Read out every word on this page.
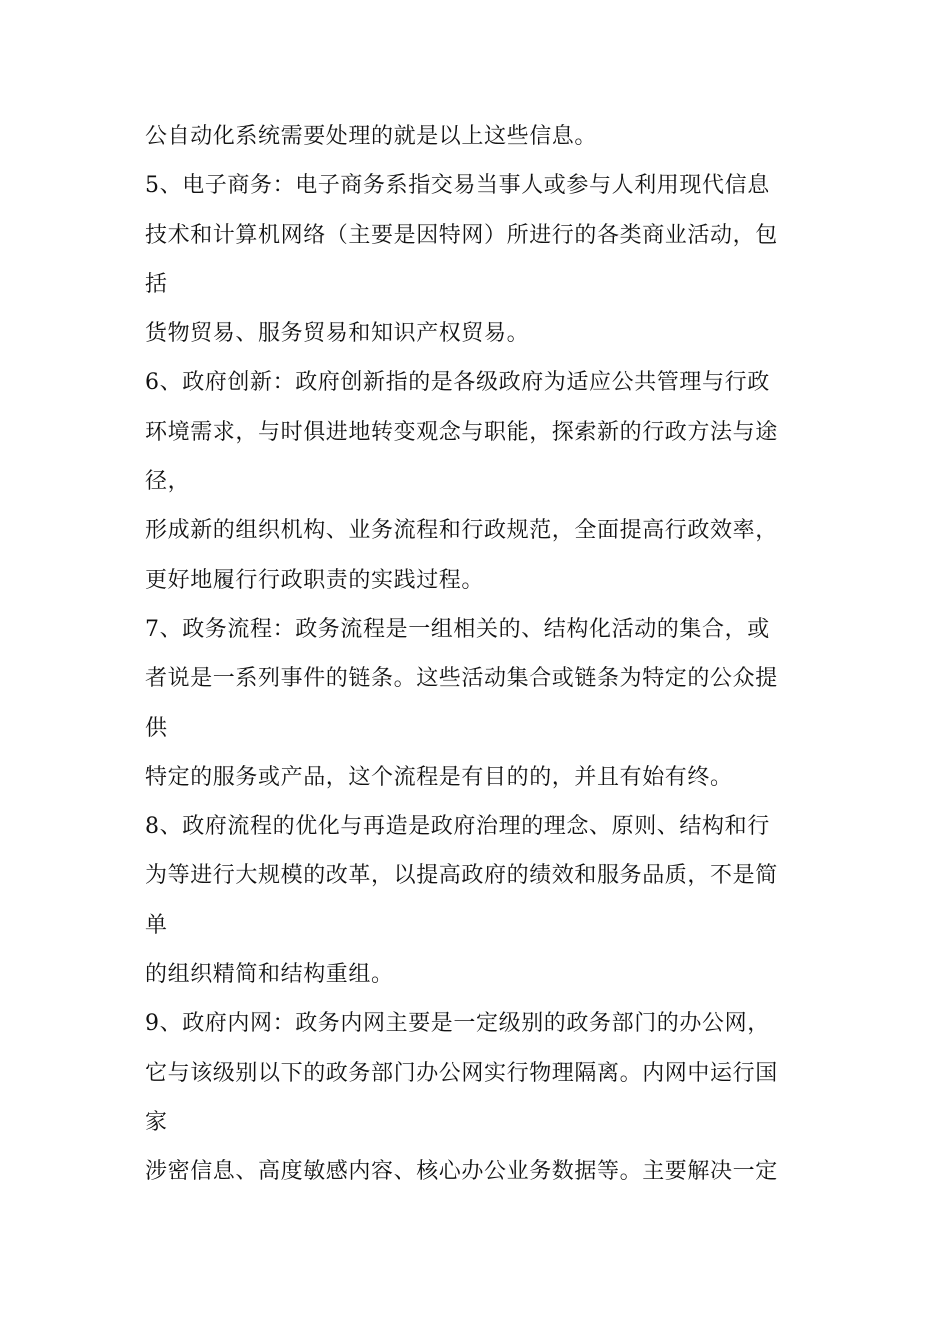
公自动化系统需要处理的就是以上这些信息。
5、电子商务：电子商务系指交易当事人或参与人利用现代信息
技术和计算机网络（主要是因特网）所进行的各类商业活动，包
括
货物贸易、服务贸易和知识产权贸易。
6、政府创新：政府创新指的是各级政府为适应公共管理与行政
环境需求，与时俱进地转变观念与职能，探索新的行政方法与途
径，
形成新的组织机构、业务流程和行政规范，全面提高行政效率，
更好地履行行政职责的实践过程。
7、政务流程：政务流程是一组相关的、结构化活动的集合，或
者说是一系列事件的链条。这些活动集合或链条为特定的公众提
供
特定的服务或产品，这个流程是有目的的，并且有始有终。
8、政府流程的优化与再造是政府治理的理念、原则、结构和行
为等进行大规模的改革，以提高政府的绩效和服务品质，不是简
单
的组织精简和结构重组。
9、政府内网：政务内网主要是一定级别的政务部门的办公网，
它与该级别以下的政务部门办公网实行物理隔离。内网中运行国
家
涉密信息、高度敏感内容、核心办公业务数据等。主要解决一定
